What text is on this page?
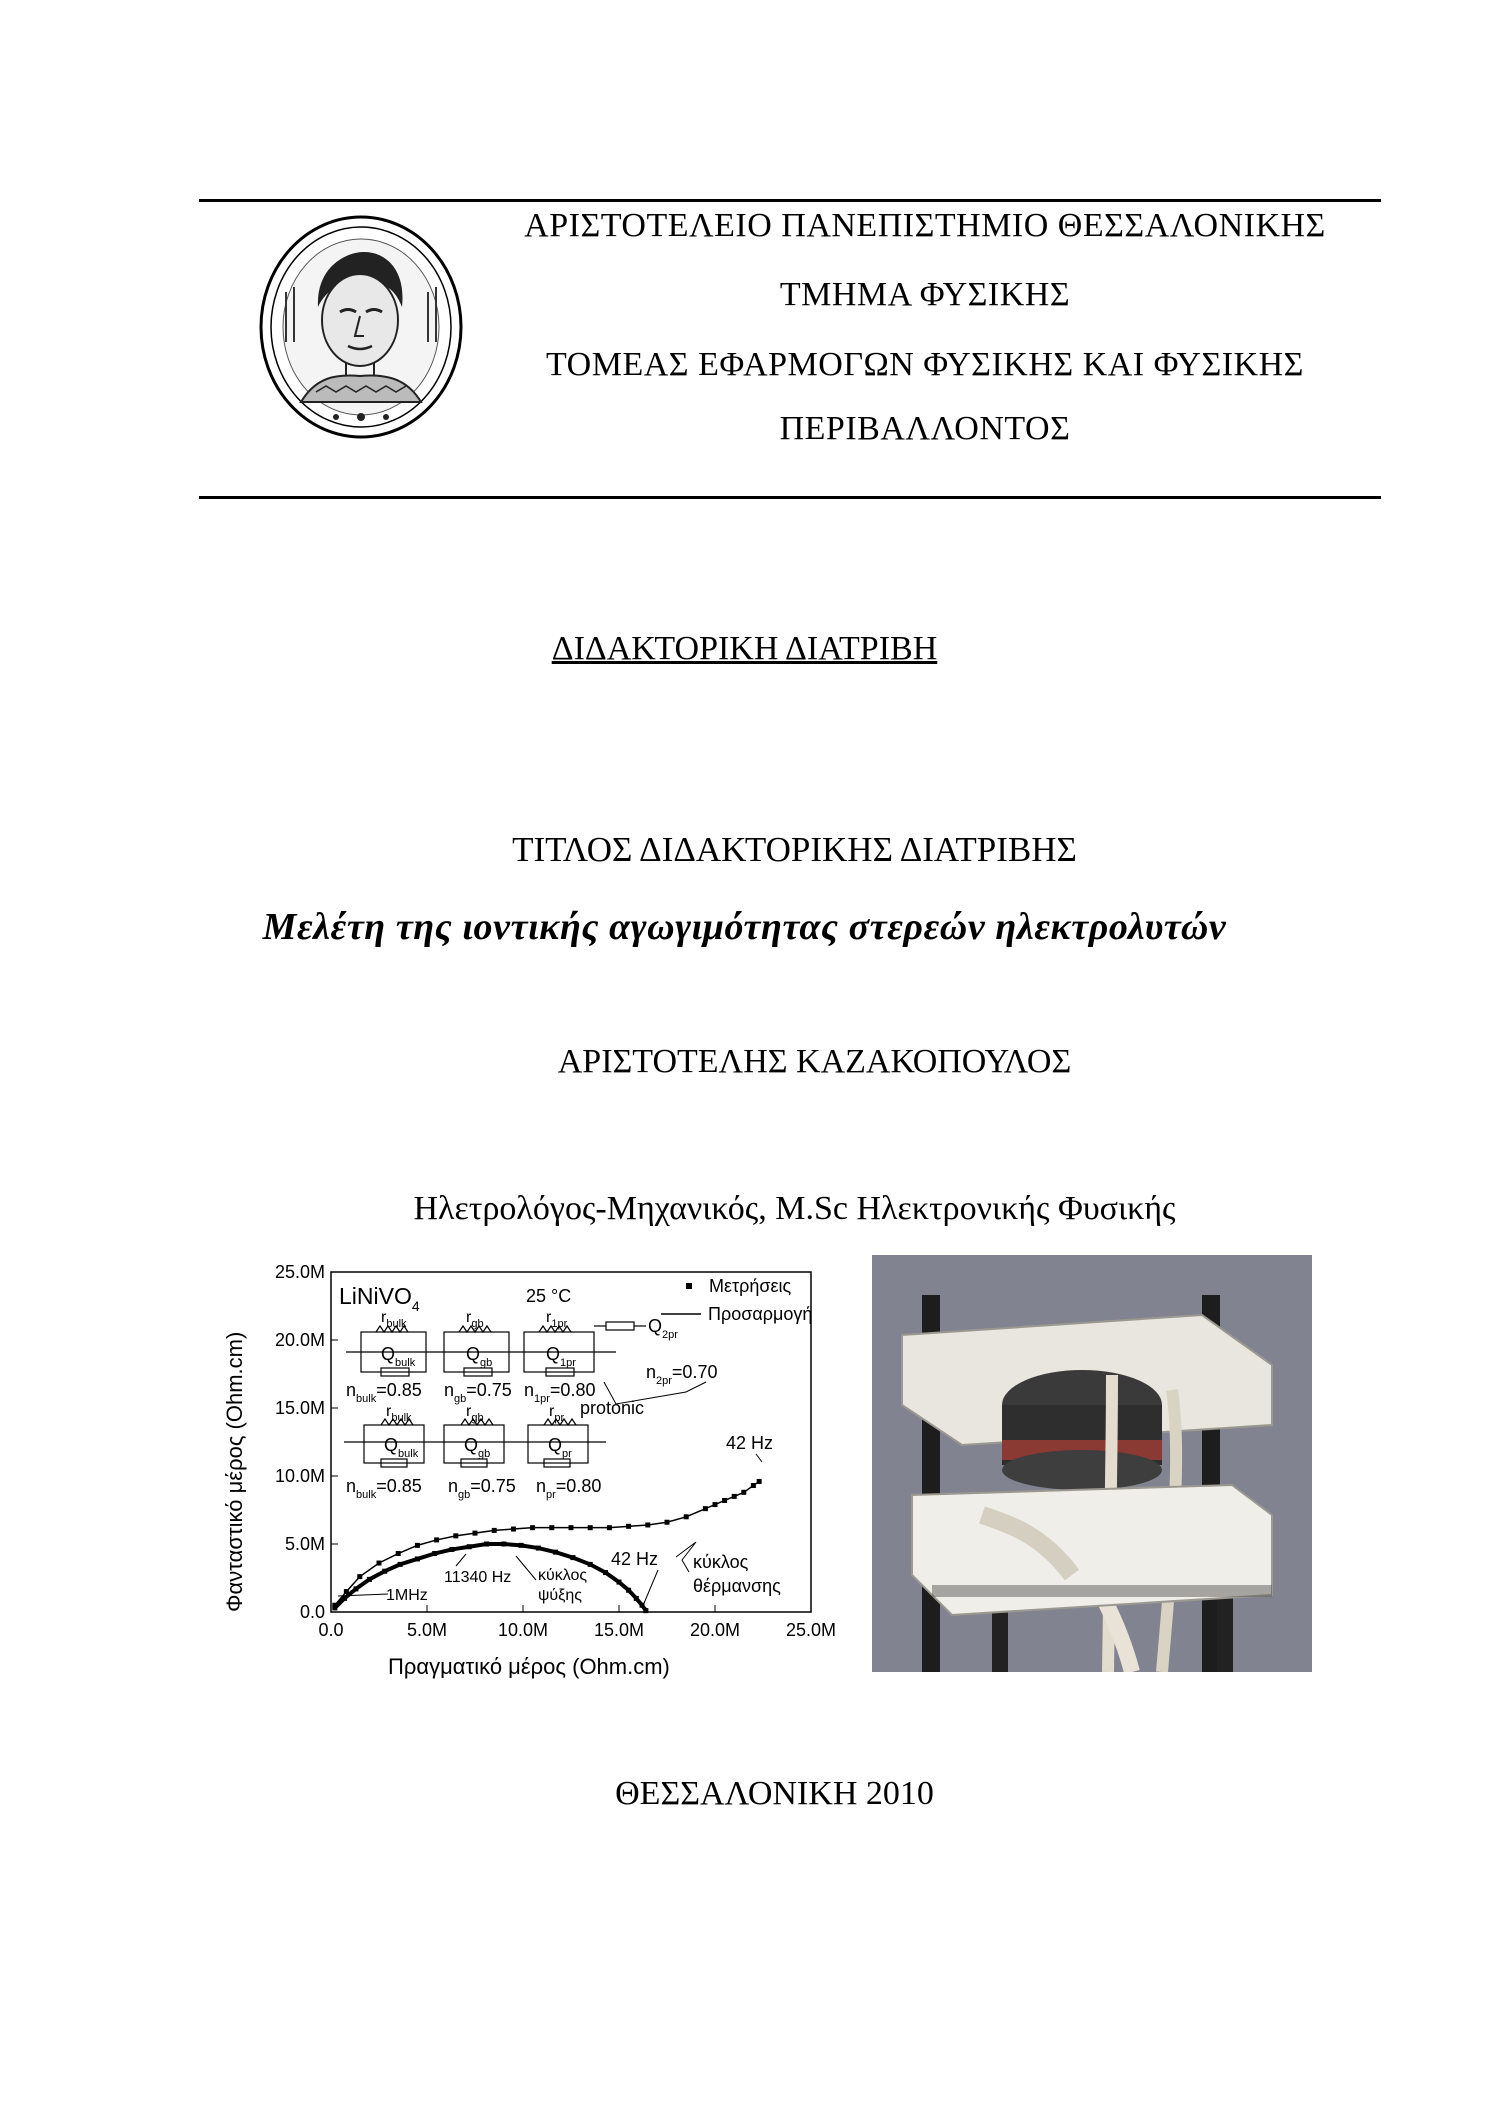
ΑΡΙΣΤΟΤΕΛΕΙΟ ΠΑΝΕΠΙΣΤΗΜΙΟ ΘΕΣΣΑΛΟΝΙΚΗΣ
ΤΜΗΜΑ ΦΥΣΙΚΗΣ
ΤΟΜΕΑΣ ΕΦΑΡΜΟΓΩΝ ΦΥΣΙΚΗΣ ΚΑΙ ΦΥΣΙΚΗΣ
ΠΕΡΙΒΑΛΛΟΝΤΟΣ
ΔΙΔΑΚΤΟΡΙΚΗ ΔΙΑΤΡΙΒΗ
ΤΙΤΛΟΣ ΔΙΔΑΚΤΟΡΙΚΗΣ ΔΙΑΤΡΙΒΗΣ
Μελέτη της ιοντικής αγωγιμότητας στερεών ηλεκτρολυτών
ΑΡΙΣΤΟΤΕΛΗΣ ΚΑΖΑΚΟΠΟΥΛΟΣ
Ηλετρολόγος-Μηχανικός, M.Sc Ηλεκτρονικής Φυσικής
0.0	5.0M	10.0M	15.0M	20.0M	25.0M
0.0
5.0M
10.0M
15.0M
20.0M
25.0M
Φανταστικό μέρος (Ohm.cm)
Πραγματικό μέρος (Ohm.cm)
LiNiVO$_4$	25 °C	Μετρήσεις
Προσαρμογή
$r_{bulk}$	$r_{gb}$	$r_{1pr}$
$Q_{bulk}$	$Q_{gb}$	$Q_{1pr}$
$Q_{2pr}$
$n_{bulk}=0.85$ $n_{gb}=0.75$ $n_{1pr}=0.80$
$n_{2pr}=0.70$
protonic
$r_{bulk}$	$r_{gb}$	$r_{pr}$
$Q_{bulk}$	$Q_{gb}$	$Q_{pr}$
$n_{bulk}=0.85$ $n_{gb}=0.75$ $n_{pr}=0.80$
1MHz
11340 Hz κύκλος
ψύξης
42 Hz κύκλος
θέρμανσης
42 Hz
ΘΕΣΣΑΛΟΝΙΚΗ 2010
